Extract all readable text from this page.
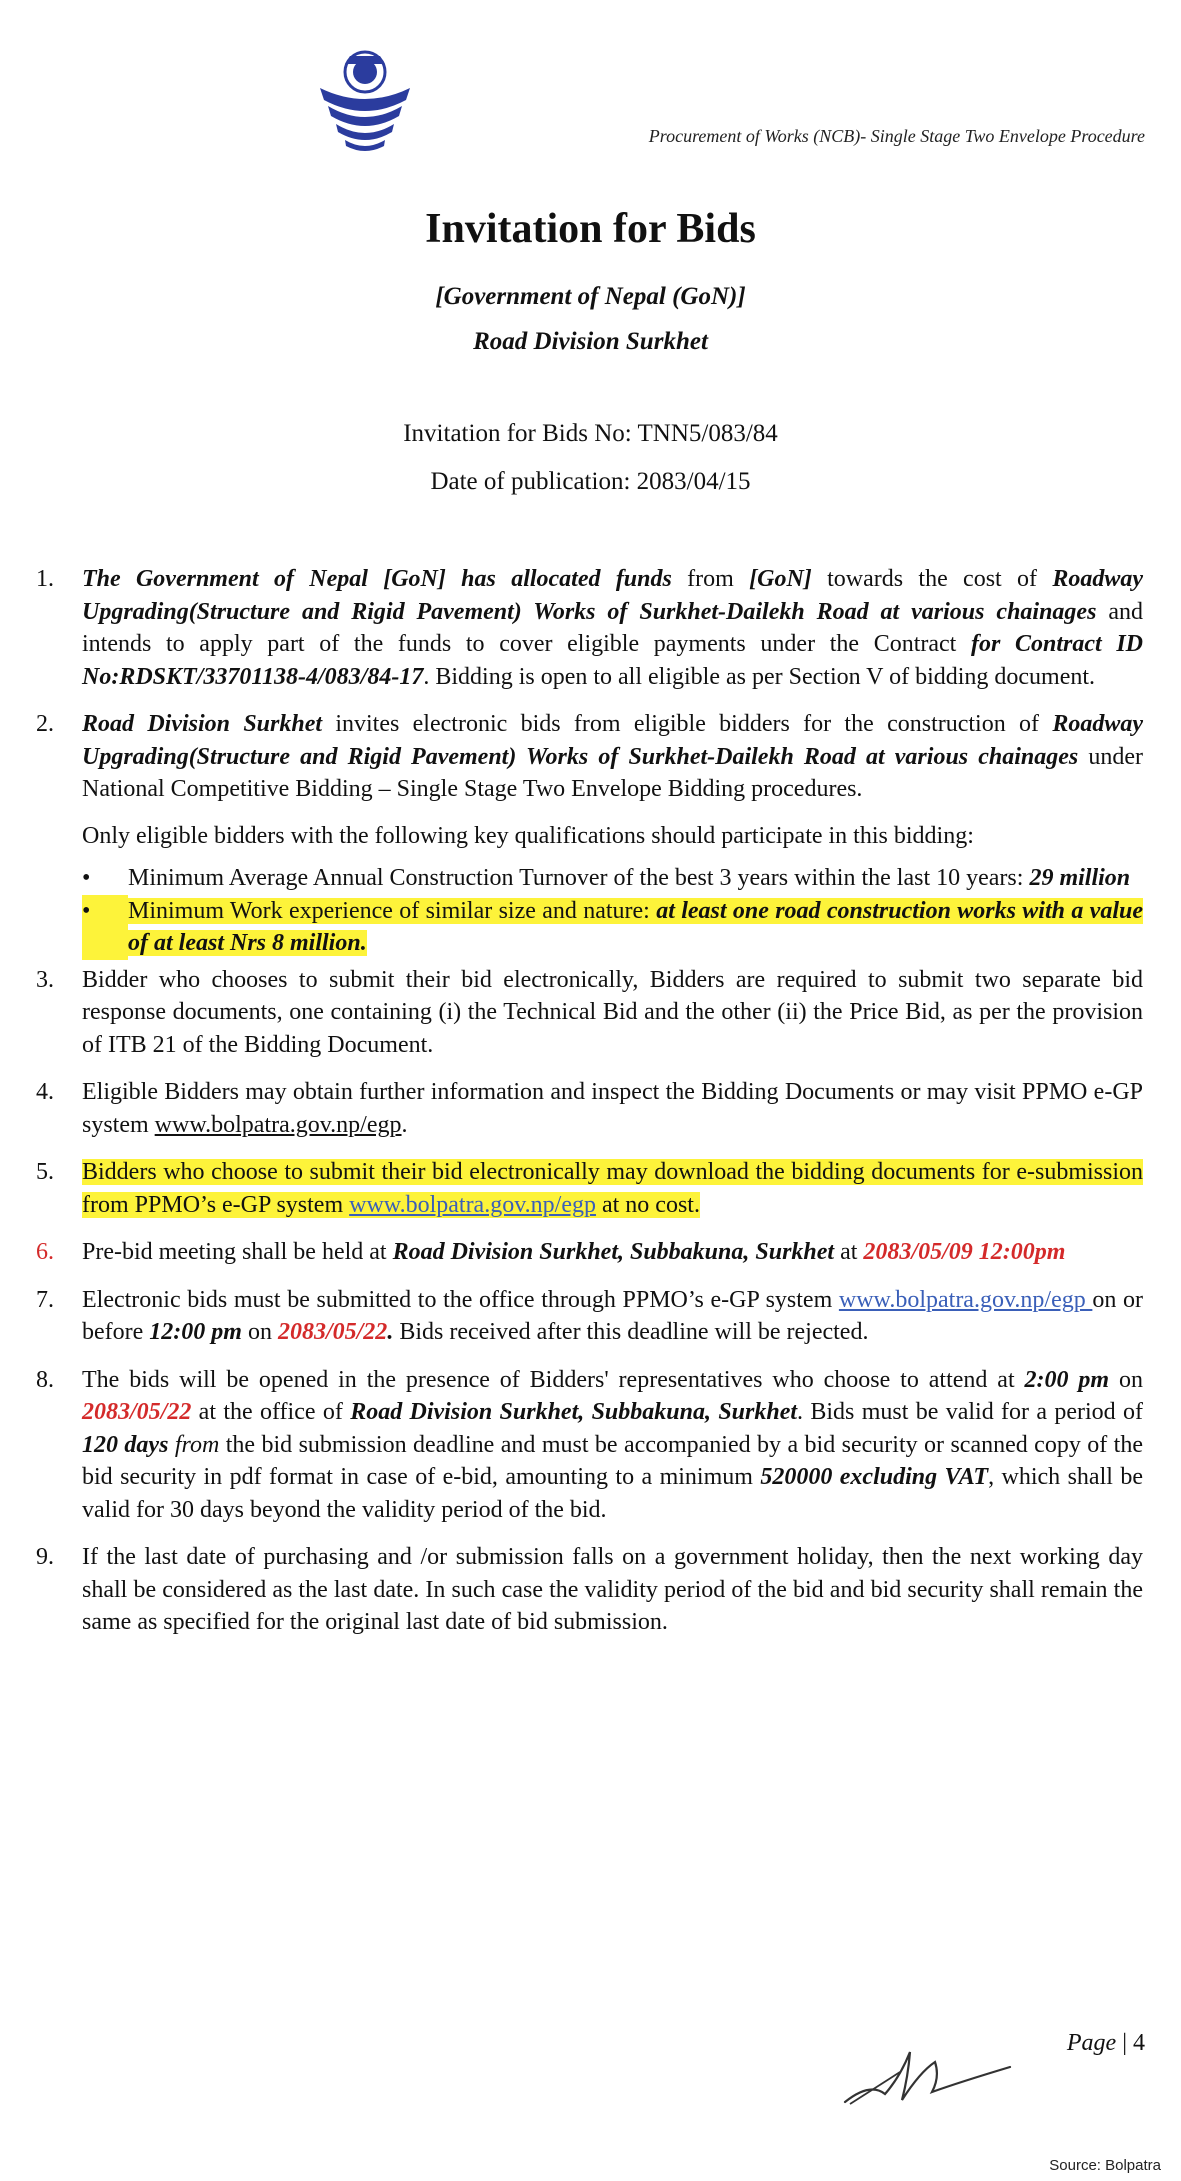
Procurement of Works (NCB)- Single Stage Two Envelope Procedure
Invitation for Bids
[Government of Nepal (GoN)]
Road Division Surkhet
Invitation for Bids No: TNN5/083/84
Date of publication: 2083/04/15
1.	The Government of Nepal [GoN] has allocated funds from [GoN] towards the cost of Roadway Upgrading(Structure and Rigid Pavement) Works of Surkhet-Dailekh Road at various chainages and intends to apply part of the funds to cover eligible payments under the Contract for Contract ID No:RDSKT/33701138-4/083/84-17. Bidding is open to all eligible as per Section V of bidding document.
2.	Road Division Surkhet invites electronic bids from eligible bidders for the construction of Roadway Upgrading(Structure and Rigid Pavement) Works of Surkhet-Dailekh Road at various chainages under National Competitive Bidding – Single Stage Two Envelope Bidding procedures.

Only eligible bidders with the following key qualifications should participate in this bidding:

•	Minimum Average Annual Construction Turnover of the best 3 years within the last 10 years: 29 million
•	Minimum Work experience of similar size and nature: at least one road construction works with a value of at least Nrs 8 million.
3.	Bidder who chooses to submit their bid electronically, Bidders are required to submit two separate bid response documents, one containing (i) the Technical Bid and the other (ii) the Price Bid, as per the provision of ITB 21 of the Bidding Document.
4.	Eligible Bidders may obtain further information and inspect the Bidding Documents or may visit PPMO e-GP system www.bolpatra.gov.np/egp.
5.	Bidders who choose to submit their bid electronically may download the bidding documents for e-submission from PPMO’s e-GP system www.bolpatra.gov.np/egp at no cost.
6.	Pre-bid meeting shall be held at Road Division Surkhet, Subbakuna, Surkhet at 2083/05/09 12:00pm
7.	Electronic bids must be submitted to the office through PPMO’s e-GP system www.bolpatra.gov.np/egp on or before 12:00 pm on 2083/05/22. Bids received after this deadline will be rejected.
8.	The bids will be opened in the presence of Bidders' representatives who choose to attend at 2:00 pm on 2083/05/22 at the office of Road Division Surkhet, Subbakuna, Surkhet. Bids must be valid for a period of 120 days from the bid submission deadline and must be accompanied by a bid security or scanned copy of the bid security in pdf format in case of e-bid, amounting to a minimum 520000 excluding VAT, which shall be valid for 30 days beyond the validity period of the bid.
9.	If the last date of purchasing and /or submission falls on a government holiday, then the next working day shall be considered as the last date. In such case the validity period of the bid and bid security shall remain the same as specified for the original last date of bid submission.
Page | 4
Source: Bolpatra
